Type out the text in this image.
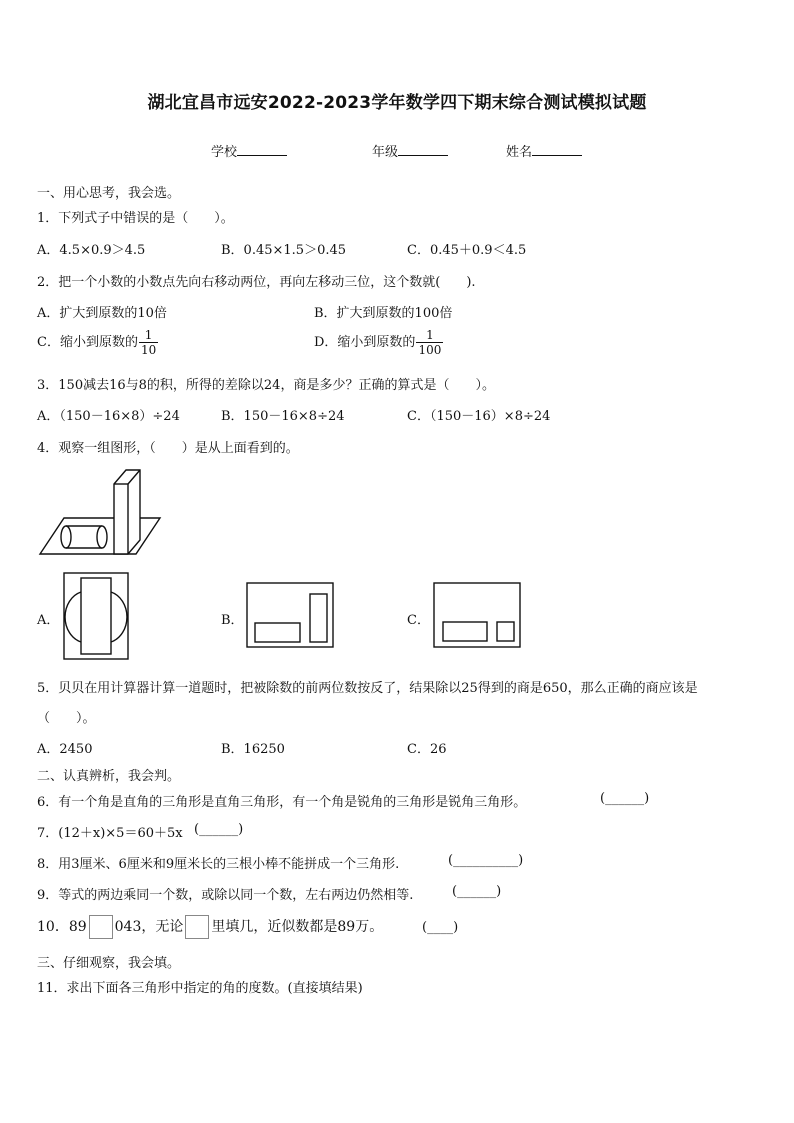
湖北宜昌市远安2022-2023学年数学四下期末综合测试模拟试题
学校	年级	姓名
一、用心思考，我会选。
1．下列式子中错误的是（　　）。
A．4.5×0.9＞4.5	B．0.45×1.5＞0.45	C．0.45＋0.9＜4.5
2．把一个小数的小数点先向右移动两位，再向左移动三位，这个数就(　　).
A．扩大到原数的10倍	B．扩大到原数的100倍
C．缩小到原数的 $\frac{1}{10}$	D．缩小到原数的 $\frac{1}{100}$
3．150减去16与8的积，所得的差除以24，商是多少？正确的算式是（　　）。
A．（150－16×8）÷24	B．150－16×8÷24	C．（150－16）×8÷24
4．观察一组图形，（　　）是从上面看到的。
A．	B．	C．
5．贝贝在用计算器计算一道题时，把被除数的前两位数按反了，结果除以25得到的商是650，那么正确的商应该是
（　　）。
A．2450	B．16250	C．26
二、认真辨析，我会判。
6．有一个角是直角的三角形是直角三角形，有一个角是锐角的三角形是锐角三角形。	(______)
7．(12＋x)×5＝60＋5x (______)
8．用3厘米、6厘米和9厘米长的三根小棒不能拼成一个三角形.	(__________)
9．等式的两边乘同一个数，或除以同一个数，左右两边仍然相等.	(______)
10．89 043，无论 里填几，近似数都是89万。	(____)
三、仔细观察，我会填。
11．求出下面各三角形中指定的角的度数。(直接填结果)
